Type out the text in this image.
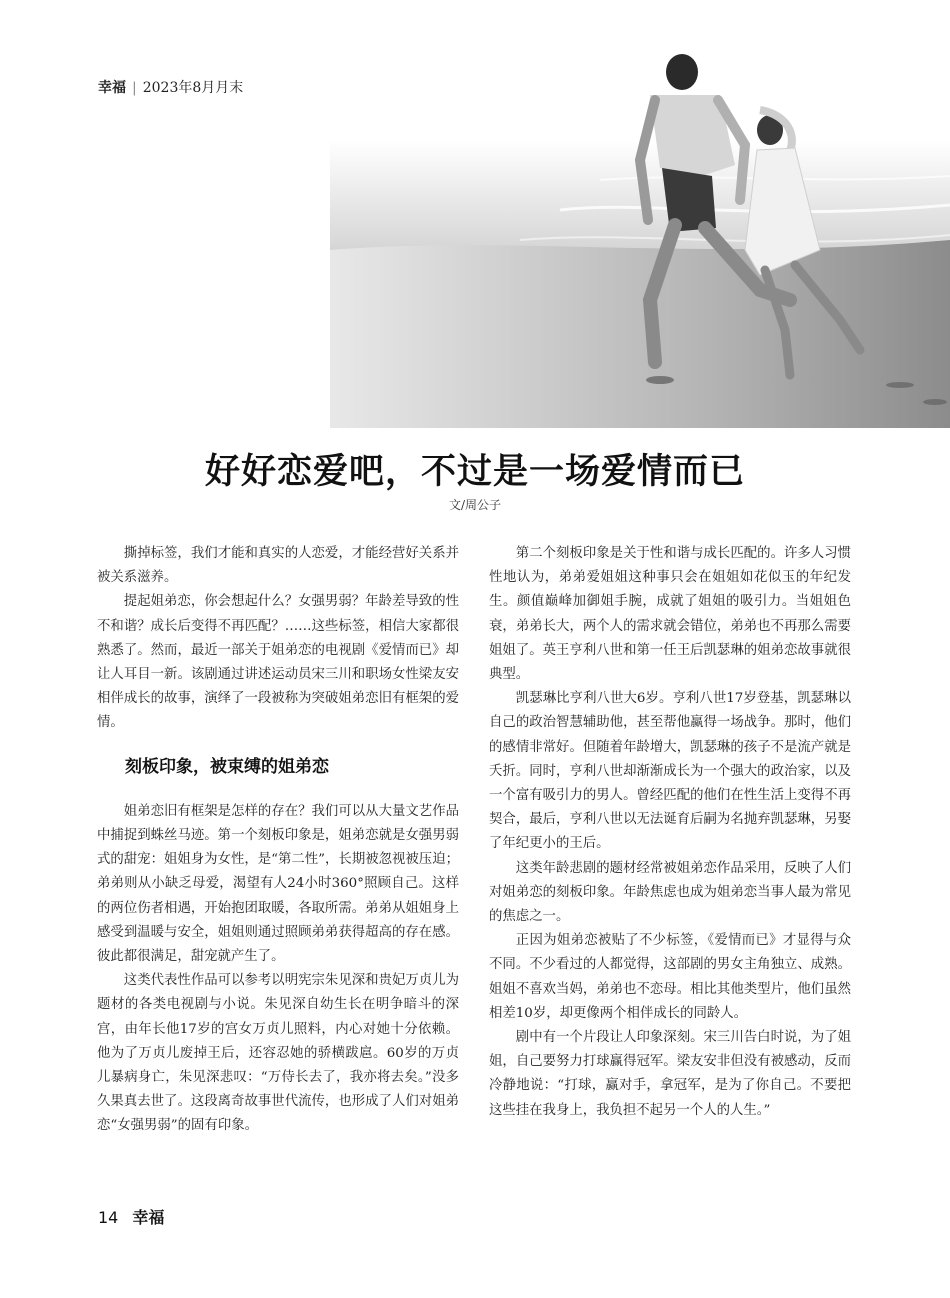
幸福 | 2023年8月月末
好好恋爱吧，不过是一场爱情而已
文/周公子

撕掉标签，我们才能和真实的人恋爱，才能经营好关系并被关系滋养。

提起姐弟恋，你会想起什么？女强男弱？年龄差导致的性不和谐？成长后变得不再匹配？……这些标签，相信大家都很熟悉了。然而，最近一部关于姐弟恋的电视剧《爱情而已》却让人耳目一新。该剧通过讲述运动员宋三川和职场女性梁友安相伴成长的故事，演绎了一段被称为突破姐弟恋旧有框架的爱情。

刻板印象，被束缚的姐弟恋

姐弟恋旧有框架是怎样的存在？我们可以从大量文艺作品中捕捉到蛛丝马迹。第一个刻板印象是，姐弟恋就是女强男弱式的甜宠：姐姐身为女性，是“第二性”，长期被忽视被压迫；弟弟则从小缺乏母爱，渴望有人24小时360°照顾自己。这样的两位伤者相遇，开始抱团取暖，各取所需。弟弟从姐姐身上感受到温暖与安全，姐姐则通过照顾弟弟获得超高的存在感。彼此都很满足，甜宠就产生了。

这类代表性作品可以参考以明宪宗朱见深和贵妃万贞儿为题材的各类电视剧与小说。朱见深自幼生长在明争暗斗的深宫，由年长他17岁的宫女万贞儿照料，内心对她十分依赖。他为了万贞儿废掉王后，还容忍她的骄横跋扈。60岁的万贞儿暴病身亡，朱见深悲叹：“万侍长去了，我亦将去矣。”没多久果真去世了。这段离奇故事世代流传，也形成了人们对姐弟恋“女强男弱”的固有印象。

第二个刻板印象是关于性和谐与成长匹配的。许多人习惯性地认为，弟弟爱姐姐这种事只会在姐姐如花似玉的年纪发生。颜值巅峰加御姐手腕，成就了姐姐的吸引力。当姐姐色衰，弟弟长大，两个人的需求就会错位，弟弟也不再那么需要姐姐了。英王亨利八世和第一任王后凯瑟琳的姐弟恋故事就很典型。

凯瑟琳比亨利八世大6岁。亨利八世17岁登基，凯瑟琳以自己的政治智慧辅助他，甚至帮他赢得一场战争。那时，他们的感情非常好。但随着年龄增大，凯瑟琳的孩子不是流产就是夭折。同时，亨利八世却渐渐成长为一个强大的政治家，以及一个富有吸引力的男人。曾经匹配的他们在性生活上变得不再契合，最后，亨利八世以无法诞育后嗣为名抛弃凯瑟琳，另娶了年纪更小的王后。

这类年龄悲剧的题材经常被姐弟恋作品采用，反映了人们对姐弟恋的刻板印象。年龄焦虑也成为姐弟恋当事人最为常见的焦虑之一。

正因为姐弟恋被贴了不少标签，《爱情而已》才显得与众不同。不少看过的人都觉得，这部剧的男女主角独立、成熟。姐姐不喜欢当妈，弟弟也不恋母。相比其他类型片，他们虽然相差10岁，却更像两个相伴成长的同龄人。

剧中有一个片段让人印象深刻。宋三川告白时说，为了姐姐，自己要努力打球赢得冠军。梁友安非但没有被感动，反而冷静地说：“打球，赢对手，拿冠军，是为了你自己。不要把这些挂在我身上，我负担不起另一个人的人生。”

14 幸福
